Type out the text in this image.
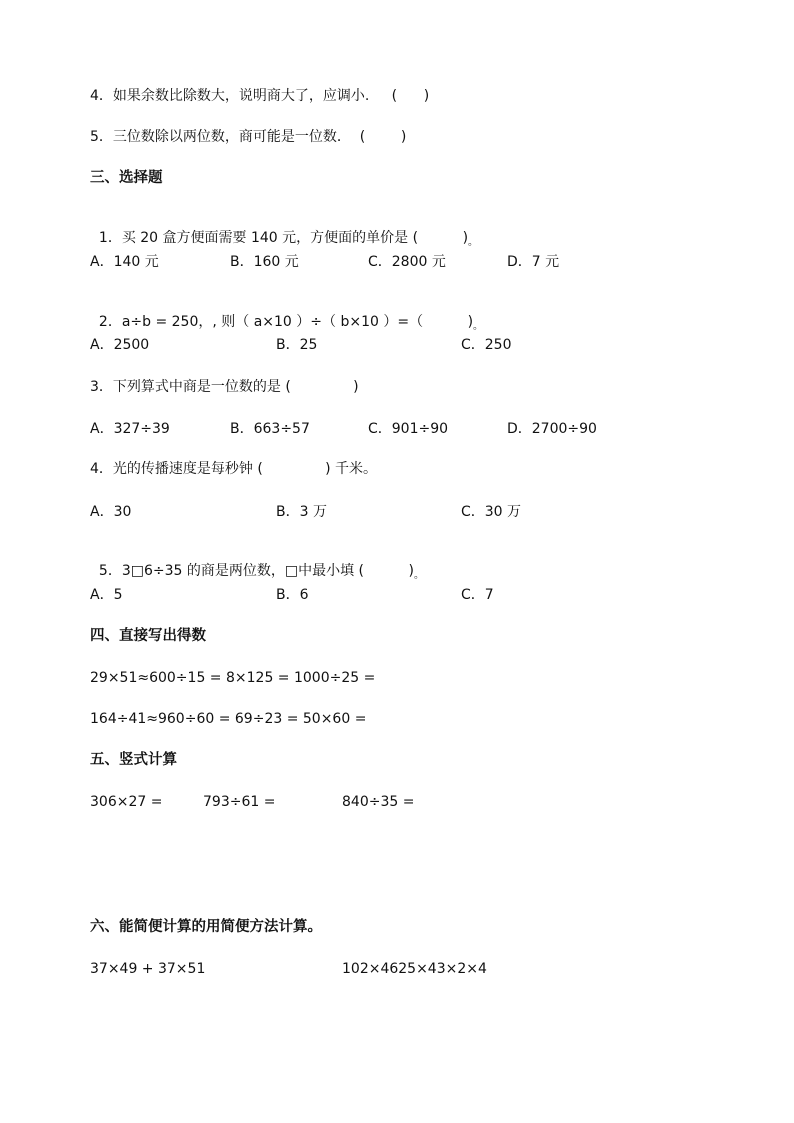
4．如果余数比除数大，说明商大了，应调小.     (      )
5．三位数除以两位数，商可能是一位数．  (        )
三、选择题

1．买 20 盒方便面需要 140 元，方便面的单价是 (          )$_。$

A．140 元	B．160 元	C．2800 元	D．7 元

2．a÷b = 250，, 则（ a×10 ）÷（ b×10 ）=（          )$_。$

A．2500	B．25	C．250
3．下列算式中商是一位数的是 (              )
A．327÷39	B．663÷57	C．901÷90	D．2700÷90
4．光的传播速度是每秒钟 (              ) 千米。
A．30	B．3 万	C．30 万

5．3□6÷35 的商是两位数，□中最小填 (          )$_。$

A．5	B．6	C．7
四、直接写出得数
29×51≈600÷15 = 8×125 = 1000÷25 =
164÷41≈960÷60 = 69÷23 = 50×60 =
五、竖式计算
306×27 =	793÷61 =	840÷35 =
六、能简便计算的用简便方法计算。
37×49 + 37×51	102×4625×43×2×4
